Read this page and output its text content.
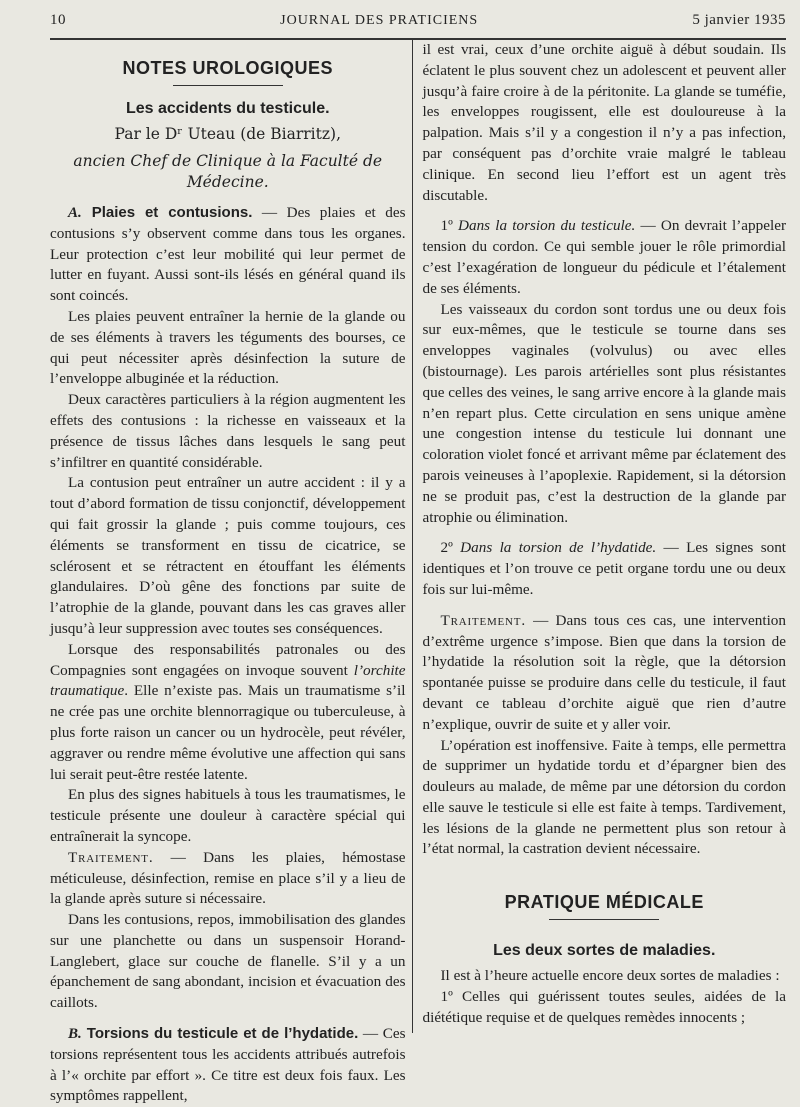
10	JOURNAL DES PRATICIENS	5 janvier 1935
NOTES UROLOGIQUES
Les accidents du testicule.
Par le Dʳ Uteau (de Biarritz),
ancien Chef de Clinique à la Faculté de Médecine.

A. Plaies et contusions. — Des plaies et des contusions s’y observent comme dans tous les organes. Leur protection c’est leur mobilité qui leur permet de lutter en fuyant. Aussi sont-ils lésés en général quand ils sont coincés.

Les plaies peuvent entraîner la hernie de la glande ou de ses éléments à travers les téguments des bourses, ce qui peut nécessiter après désinfection la suture de l’enveloppe albuginée et la réduction.

Deux caractères particuliers à la région augmentent les effets des contusions : la richesse en vaisseaux et la présence de tissus lâches dans lesquels le sang peut s’infiltrer en quantité considérable.

La contusion peut entraîner un autre accident : il y a tout d’abord formation de tissu conjonctif, développement qui fait grossir la glande ; puis comme toujours, ces éléments se transforment en tissu de cicatrice, se sclérosent et se rétractent en étouffant les éléments glandulaires. D’où gêne des fonctions par suite de l’atrophie de la glande, pouvant dans les cas graves aller jusqu’à leur suppression avec toutes ses conséquences.

Lorsque des responsabilités patronales ou des Compagnies sont engagées on invoque souvent l’orchite traumatique. Elle n’existe pas. Mais un traumatisme s’il ne crée pas une orchite blennorragique ou tuberculeuse, à plus forte raison un cancer ou un hydrocèle, peut révéler, aggraver ou rendre même évolutive une affection qui sans lui serait peut-être restée latente.

En plus des signes habituels à tous les traumatismes, le testicule présente une douleur à caractère spécial qui entraînerait la syncope.

Traitement. — Dans les plaies, hémostase méticuleuse, désinfection, remise en place s’il y a lieu de la glande après suture si nécessaire.

Dans les contusions, repos, immobilisation des glandes sur une planchette ou dans un suspensoir Horand-Langlebert, glace sur couche de flanelle. S’il y a un épanchement de sang abondant, incision et évacuation des caillots.

B. Torsions du testicule et de l’hydatide. — Ces torsions représentent tous les accidents attribués autrefois à l’« orchite par effort ». Ce titre est deux fois faux. Les symptômes rappellent,

il est vrai, ceux d’une orchite aiguë à début soudain. Ils éclatent le plus souvent chez un adolescent et peuvent aller jusqu’à faire croire à de la péritonite. La glande se tuméfie, les enveloppes rougissent, elle est douloureuse à la palpation. Mais s’il y a congestion il n’y a pas infection, par conséquent pas d’orchite vraie malgré le tableau clinique. En second lieu l’effort est un agent très discutable.

1º Dans la torsion du testicule. — On devrait l’appeler tension du cordon. Ce qui semble jouer le rôle primordial c’est l’exagération de longueur du pédicule et l’étalement de ses éléments.

Les vaisseaux du cordon sont tordus une ou deux fois sur eux-mêmes, que le testicule se tourne dans ses enveloppes vaginales (volvulus) ou avec elles (bistournage). Les parois artérielles sont plus résistantes que celles des veines, le sang arrive encore à la glande mais n’en repart plus. Cette circulation en sens unique amène une congestion intense du testicule lui donnant une coloration violet foncé et arrivant même par éclatement des parois veineuses à l’apoplexie. Rapidement, si la détorsion ne se produit pas, c’est la destruction de la glande par atrophie ou élimination.

2º Dans la torsion de l’hydatide. — Les signes sont identiques et l’on trouve ce petit organe tordu une ou deux fois sur lui-même.

Traitement. — Dans tous ces cas, une intervention d’extrême urgence s’impose. Bien que dans la torsion de l’hydatide la résolution soit la règle, que la détorsion spontanée puisse se produire dans celle du testicule, il faut devant ce tableau d’orchite aiguë que rien d’autre n’explique, ouvrir de suite et y aller voir.

L’opération est inoffensive. Faite à temps, elle permettra de supprimer un hydatide tordu et d’épargner bien des douleurs au malade, de même par une détorsion du cordon elle sauve le testicule si elle est faite à temps. Tardivement, les lésions de la glande ne permettent plus son retour à l’état normal, la castration devient nécessaire.

PRATIQUE MÉDICALE
Les deux sortes de maladies.

Il est à l’heure actuelle encore deux sortes de maladies :

1º Celles qui guérissent toutes seules, aidées de la diététique requise et de quelques remèdes innocents ;
